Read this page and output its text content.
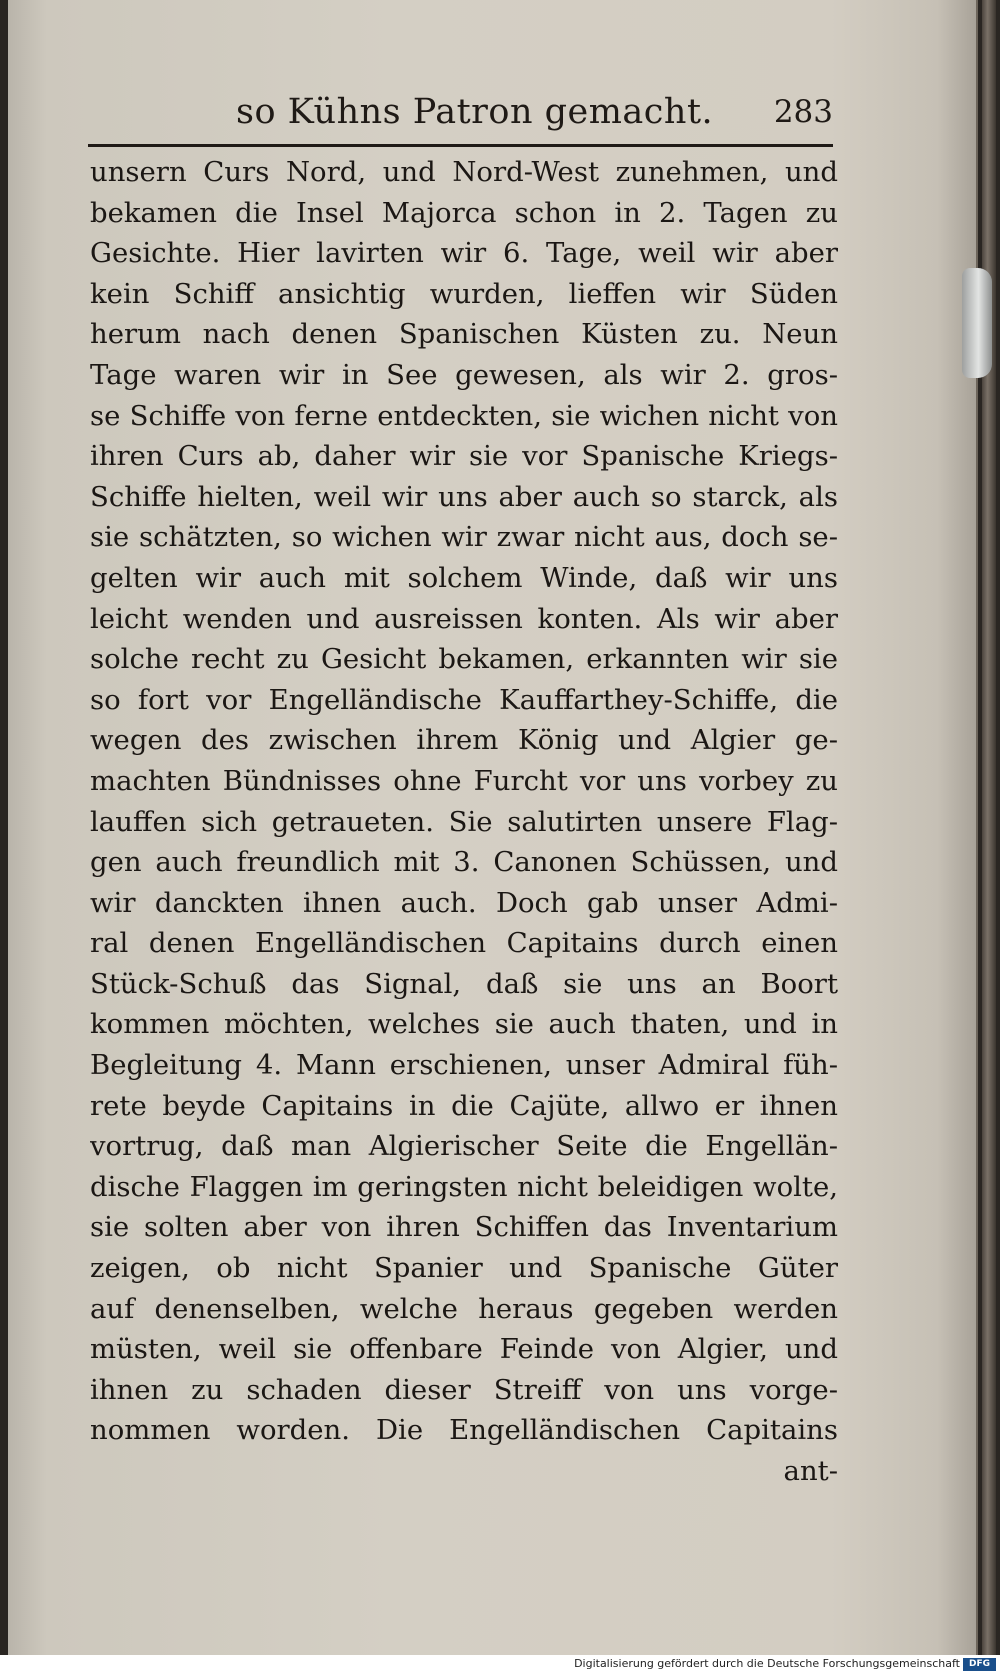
so Kühns Patron gemacht. 283
unsern Curs Nord, und Nord-West zunehmen, und
bekamen die Insel Majorca schon in 2. Tagen zu
Gesichte. Hier lavirten wir 6. Tage, weil wir aber
kein Schiff ansichtig wurden, lieffen wir Süden
herum nach denen Spanischen Küsten zu. Neun
Tage waren wir in See gewesen, als wir 2. gros-
se Schiffe von ferne entdeckten, sie wichen nicht von
ihren Curs ab, daher wir sie vor Spanische Kriegs-
Schiffe hielten, weil wir uns aber auch so starck, als
sie schätzten, so wichen wir zwar nicht aus, doch se-
gelten wir auch mit solchem Winde, daß wir uns
leicht wenden und ausreissen konten. Als wir aber
solche recht zu Gesicht bekamen, erkannten wir sie
so fort vor Engelländische Kauffarthey-Schiffe, die
wegen des zwischen ihrem König und Algier ge-
machten Bündnisses ohne Furcht vor uns vorbey zu
lauffen sich getraueten. Sie salutirten unsere Flag-
gen auch freundlich mit 3. Canonen Schüssen, und
wir danckten ihnen auch. Doch gab unser Admi-
ral denen Engelländischen Capitains durch einen
Stück-Schuß das Signal, daß sie uns an Boort
kommen möchten, welches sie auch thaten, und in
Begleitung 4. Mann erschienen, unser Admiral füh-
rete beyde Capitains in die Cajüte, allwo er ihnen
vortrug, daß man Algierischer Seite die Engellän-
dische Flaggen im geringsten nicht beleidigen wolte,
sie solten aber von ihren Schiffen das Inventarium
zeigen, ob nicht Spanier und Spanische Güter
auf denenselben, welche heraus gegeben werden
müsten, weil sie offenbare Feinde von Algier, und
ihnen zu schaden dieser Streiff von uns vorge-
nommen worden. Die Engelländischen Capitains
ant-
Digitalisierung gefördert durch die Deutsche Forschungsgemeinschaft DFG
